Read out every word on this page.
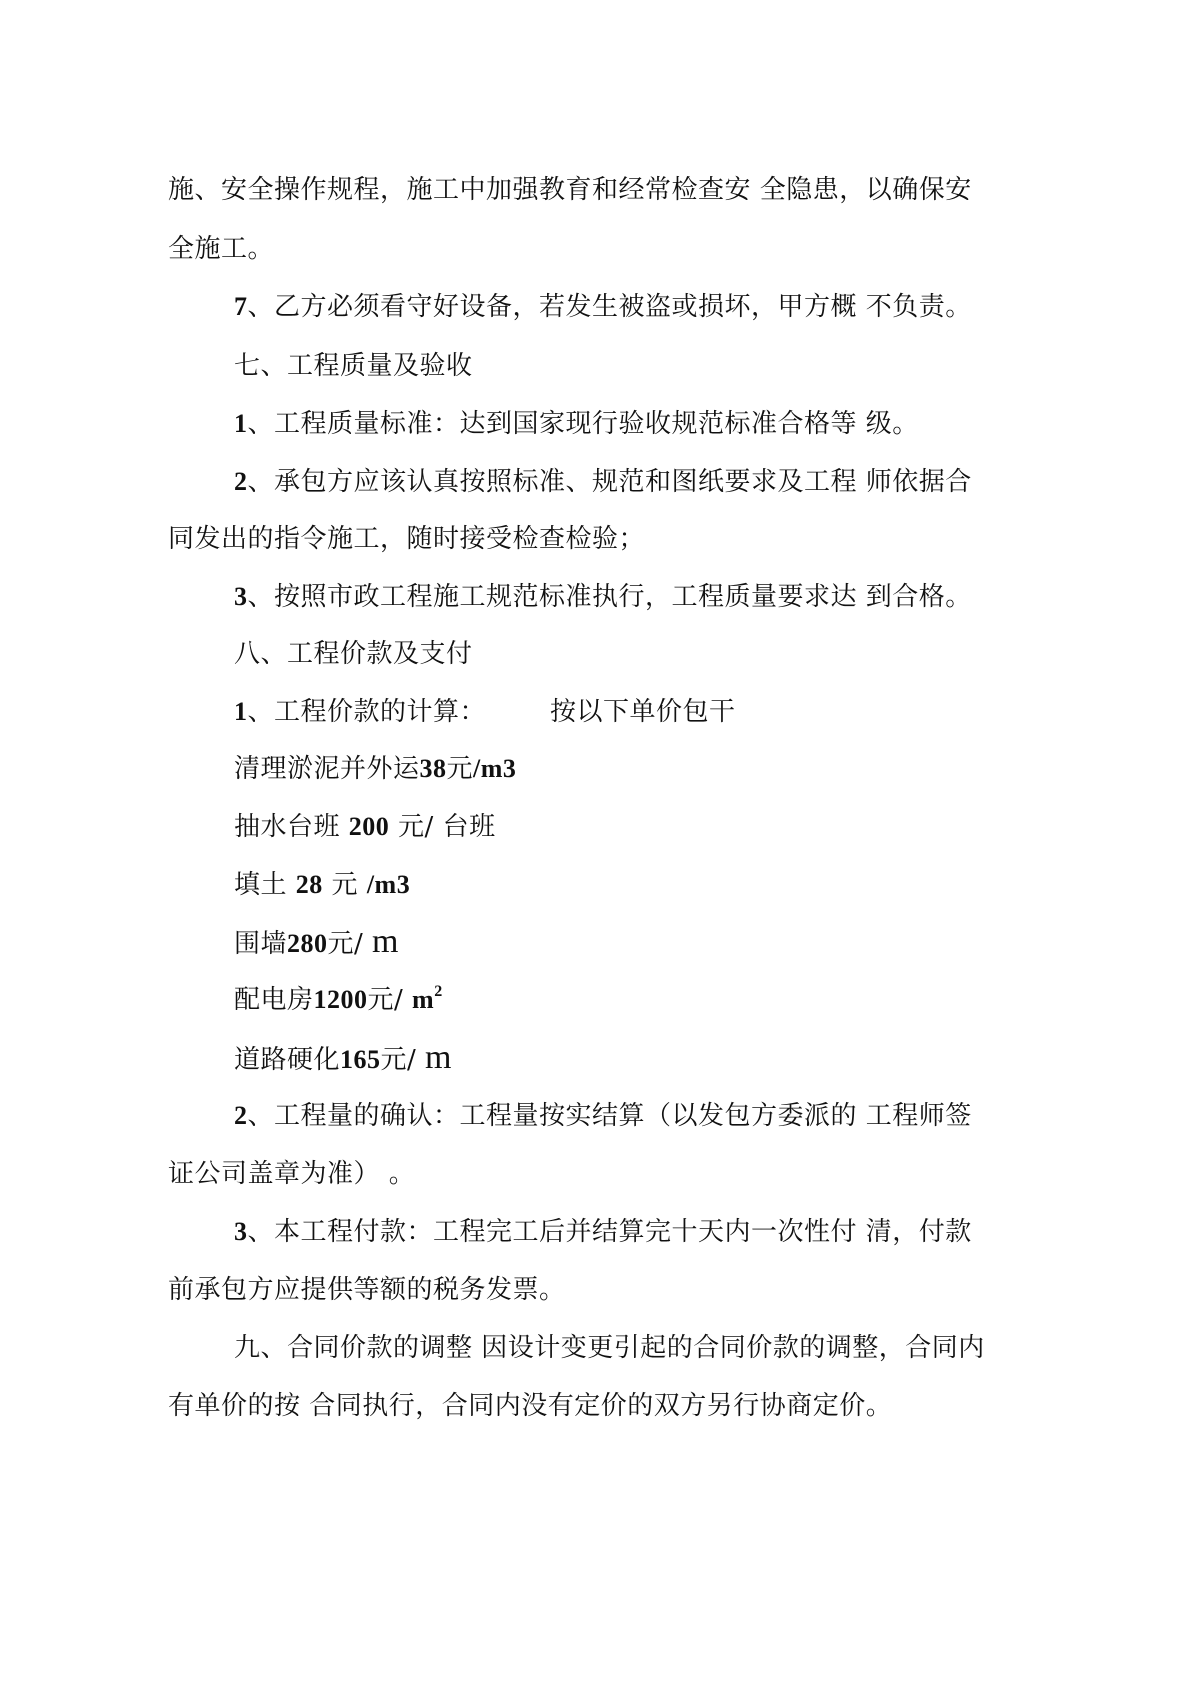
施、安全操作规程，施工中加强教育和经常检查安 全隐患，以确保安
全施工。
7、乙方必须看守好设备，若发生被盗或损坏，甲方概 不负责。
七、工程质量及验收
1、工程质量标准：达到国家现行验收规范标准合格等 级。
2、承包方应该认真按照标准、规范和图纸要求及工程 师依据合
同发出的指令施工，随时接受检查检验；
3、按照市政工程施工规范标准执行，工程质量要求达 到合格。
八、工程价款及支付
1、工程价款的计算： 按以下单价包干
清理淤泥并外运38元/m3
抽水台班 200 元/ 台班
填土 28 元 /m3
围墙280元/ m
配电房1200元/ $m^2$
道路硬化165元/ m
2、工程量的确认：工程量按实结算（以发包方委派的 工程师签
证公司盖章为准） 。
3、本工程付款：工程完工后并结算完十天内一次性付 清，付款
前承包方应提供等额的税务发票。
九、合同价款的调整 因设计变更引起的合同价款的调整，合同内
有单价的按 合同执行，合同内没有定价的双方另行协商定价。
